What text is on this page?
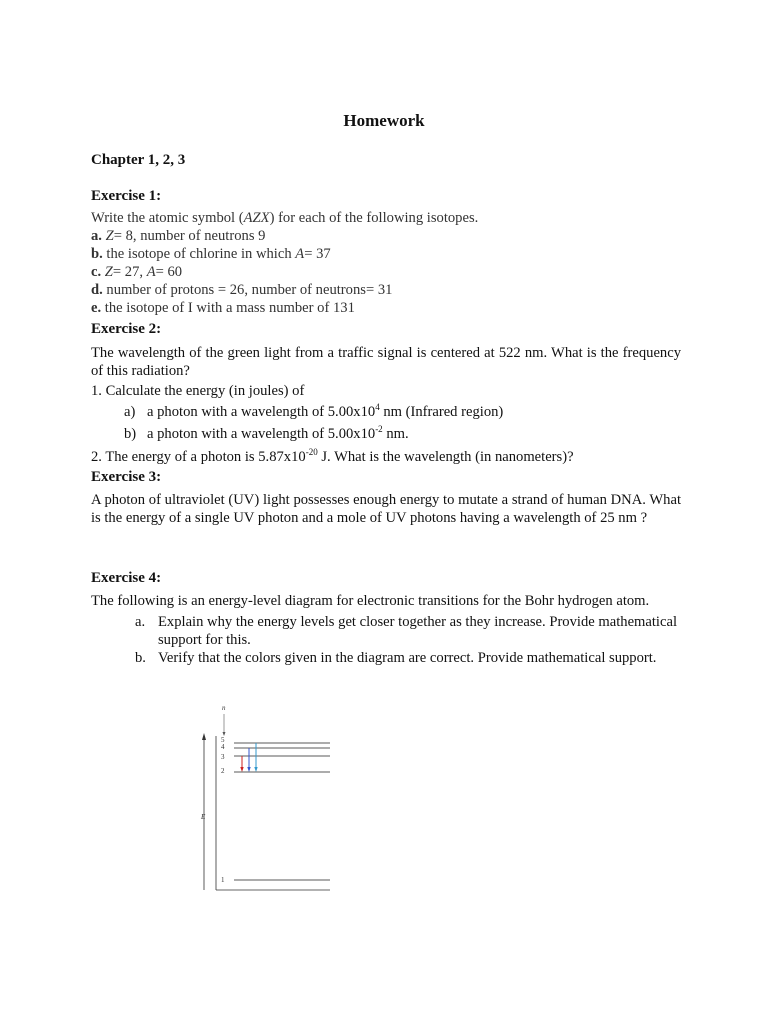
Homework
Chapter 1, 2, 3
Exercise 1:
Write the atomic symbol (AZX) for each of the following isotopes.
a. Z= 8, number of neutrons 9
b. the isotope of chlorine in which A= 37
c. Z= 27, A= 60
d. number of protons = 26, number of neutrons= 31
e. the isotope of I with a mass number of 131
Exercise 2:
The wavelength of the green light from a traffic signal is centered at 522 nm. What is the frequency of this radiation?
1. Calculate the energy (in joules) of
a) a photon with a wavelength of $5.00x10^4$ nm (Infrared region)
b) a photon with a wavelength of $5.00x10^{-2}$ nm.
2. The energy of a photon is $5.87x10^{-20}$ J. What is the wavelength (in nanometers)?
Exercise 3:
A photon of ultraviolet (UV) light possesses enough energy to mutate a strand of human DNA. What is the energy of a single UV photon and a mole of UV photons having a wavelength of 25 nm ?
Exercise 4:
The following is an energy-level diagram for electronic transitions for the Bohr hydrogen atom.
a. Explain why the energy levels get closer together as they increase. Provide mathematical support for this.
b. Verify that the colors given in the diagram are correct. Provide mathematical support.
n
E
5
4
3
2
1
